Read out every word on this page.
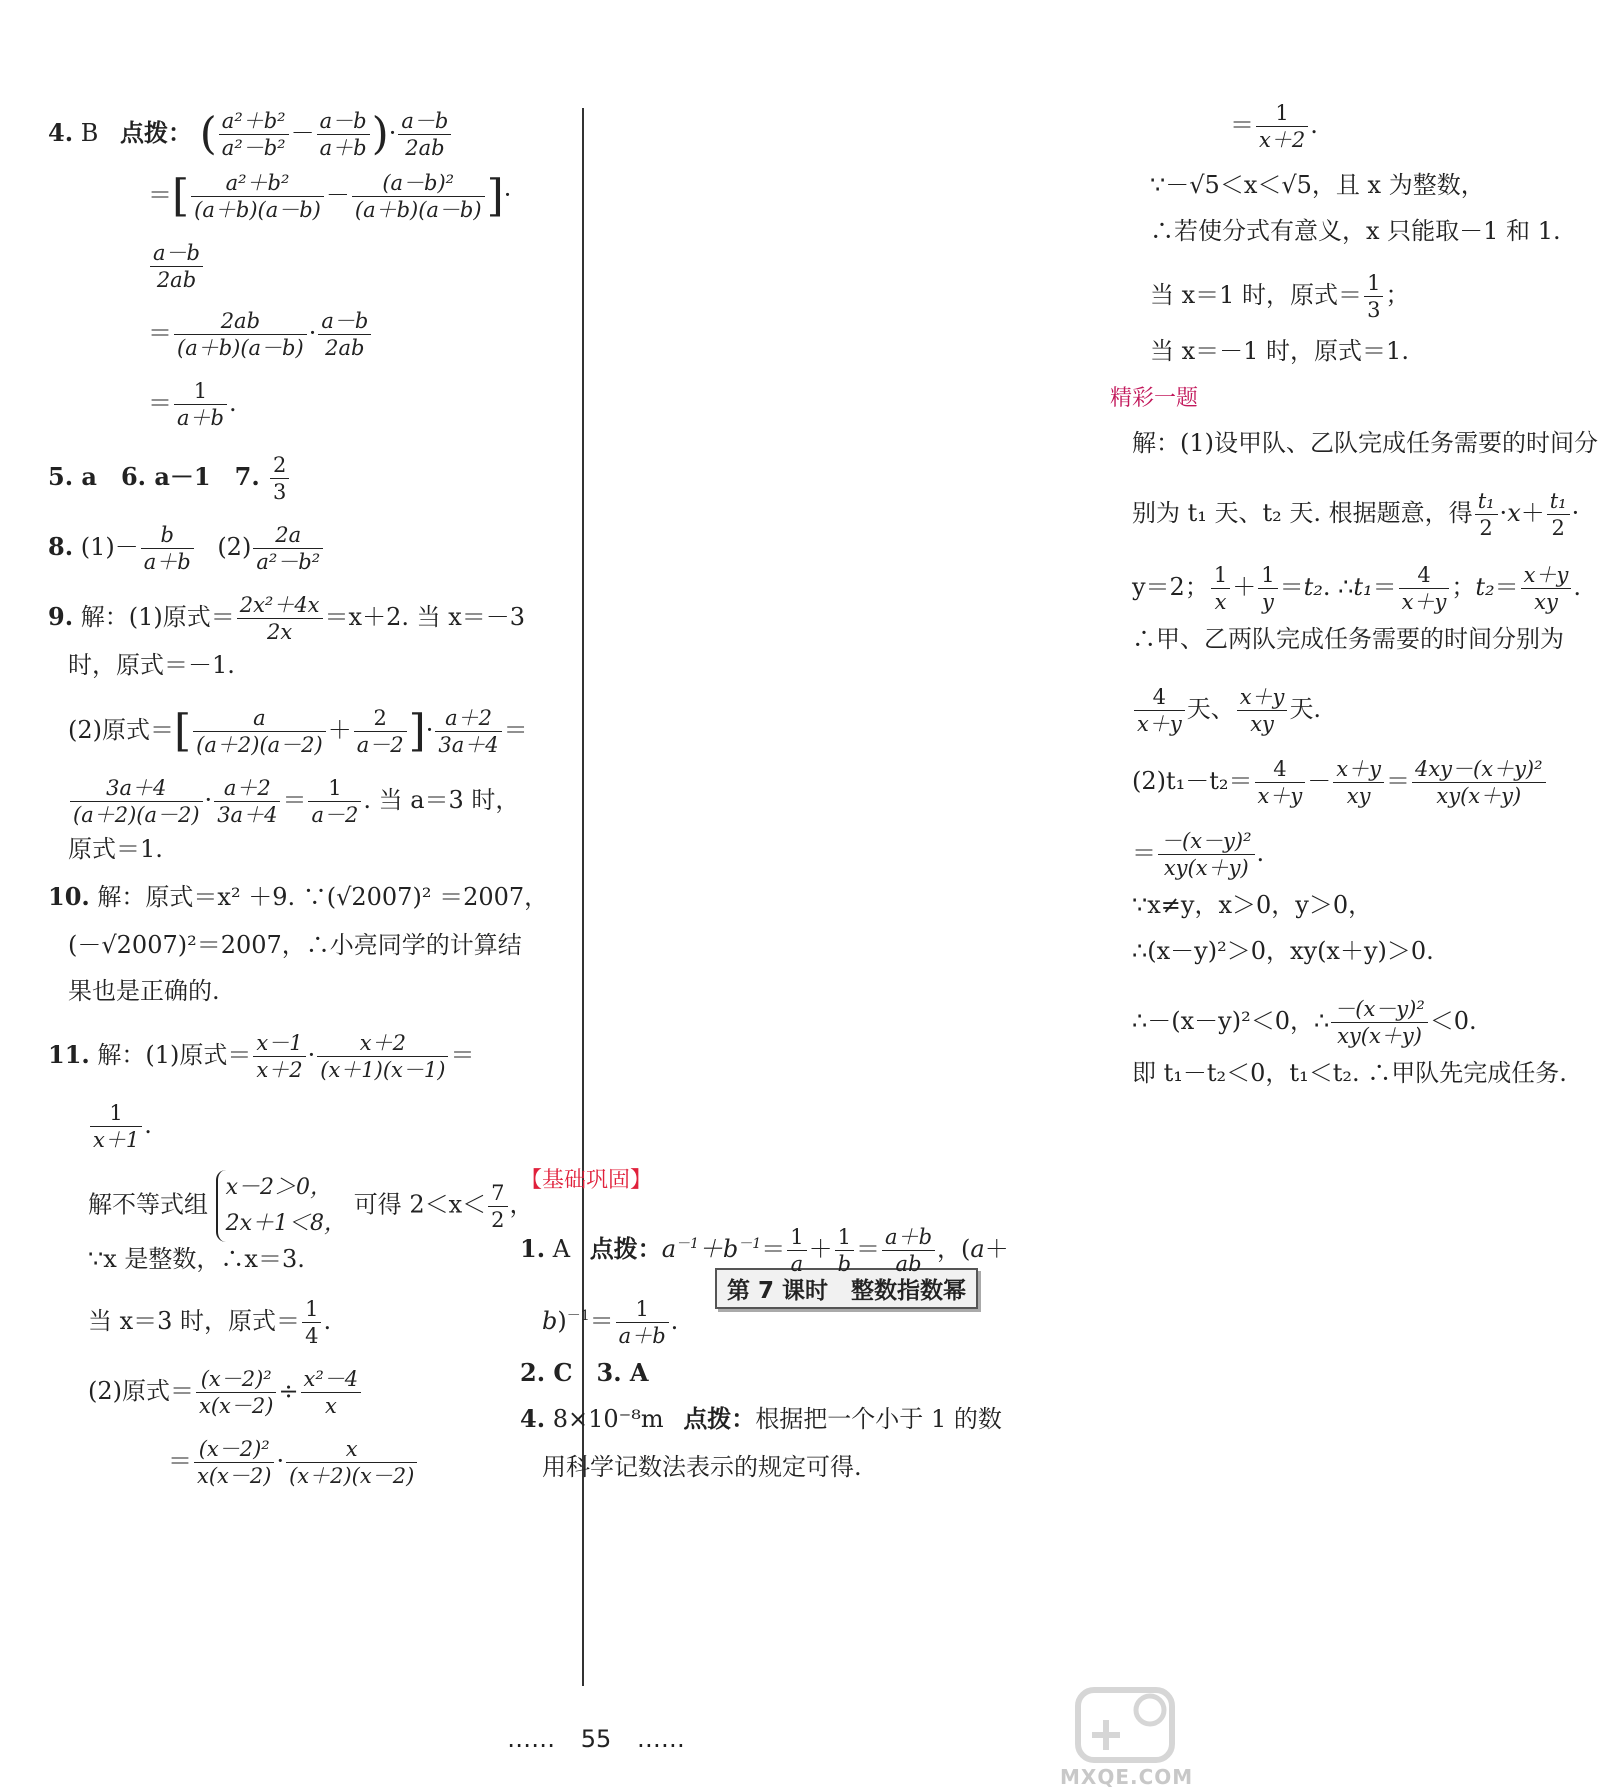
4. B 点拨： ( $\frac{\text{a²＋b²}}{\text{a²－b²}} - \frac{a-b}{a+b}$ )· $\frac{a-b}{2ab}$
＝[ $\frac{\text{a²＋b²}}{(a+b)(a-b)} - \frac{\text{(a－b)²}}{(a+b)(a-b)}$ ]·
$\frac{a-b}{2ab}$
＝ $\frac{2ab}{(a+b)(a-b)} \cdot \frac{a-b}{2ab}$
＝ $\frac{1}{a+b}$ .
5. a　6. a－1　7. $\frac{2}{3}$
8. $(1)- \frac{b}{a+b} (2) \frac{2a}{\text{a²－b²}}$
9. 解：(1)原式＝ $\frac{\text{2x²＋4x}}{2x} =x+2$. 当 x＝－3
时，原式＝－1.
(2)原式＝[ $\frac{a}{(a+2)(a-2)} + \frac{2}{a-2}$ ]· $\frac{a+2}{3a+4}$ ＝
$\frac{3a+4}{(a+2)(a-2)} \cdot \frac{a+2}{3a+4} = \frac{1}{a-2}$ . 当 a＝3 时，
原式＝1.
10. 解：原式＝x² ＋9. ∵(√2007)² ＝2007，
(－√2007)²＝2007，∴小亮同学的计算结
果也是正确的.
11. 解：(1)原式＝ $\frac{x-1}{x+2} \cdot \frac{x+2}{(x+1)(x-1)}$ ＝
$\frac{1}{x+1}$ .
解不等式组
x－2＞0，
2x＋1＜8，
可得 $2<x< \frac{7}{2}$ ，
∵x 是整数，∴x＝3.
当 x＝3 时，原式＝ $\frac{1}{4}$ .
(2)原式＝ $\frac{\text{(x－2)²}}{x(x-2)} \div \frac{\text{x²－4}}{x}$
＝ $\frac{\text{(x－2)²}}{x(x-2)} \cdot \frac{x}{(x+2)(x-2)}$
＝ $\frac{1}{x+2}$ .
∵－√5＜x＜√5，且 x 为整数，
∴若使分式有意义，x 只能取－1 和 1.
当 x＝1 时，原式＝ $\frac{1}{3}$ ；
当 x＝－1 时，原式＝1.
精彩一题
解：(1)设甲队、乙队完成任务需要的时间分
别为 t₁ 天、t₂ 天. 根据题意，得 $\frac{\text{t₁}}{2} \cdot x+ \frac{\text{t₁}}{2}$ ·
y＝2； $\frac{1}{x} + \frac{1}{y} =t_2$. ∴t₁＝ $\frac{4}{x+y}$ ；$t_2= \frac{x+y}{xy}$ .
∴甲、乙两队完成任务需要的时间分别为
$\frac{4}{x+y}$ 天、 $\frac{x+y}{xy}$ 天.
$(2)t_1-t_2= \frac{4}{x+y} - \frac{x+y}{xy} = \frac{\text{4xy－(x＋y)²}}{xy(x+y)}$
＝ $\frac{\text{－(x－y)²}}{xy(x+y)}$ .
∵x≠y，x＞0，y＞0，
∴(x－y)²＞0，xy(x＋y)＞0.
∴－(x－y)²＜0，∴ $\frac{\text{－(x－y)²}}{xy(x+y)} <0$.
即 t₁－t₂＜0，t₁＜t₂. ∴甲队先完成任务.
第 7 课时　整数指数幂
【基础巩固】
1. A 点拨：$a^{-1}+b^{-1}= \frac{1}{a} + \frac{1}{b} = \frac{a+b}{ab}$ ，(a＋
$b)^{-1}= \frac{1}{a+b}$ .
2. C　3. A
4. 8×10⁻⁸m 点拨：根据把一个小于 1 的数
用科学记数法表示的规定可得.
…… 55 ……
MXQE.COM
